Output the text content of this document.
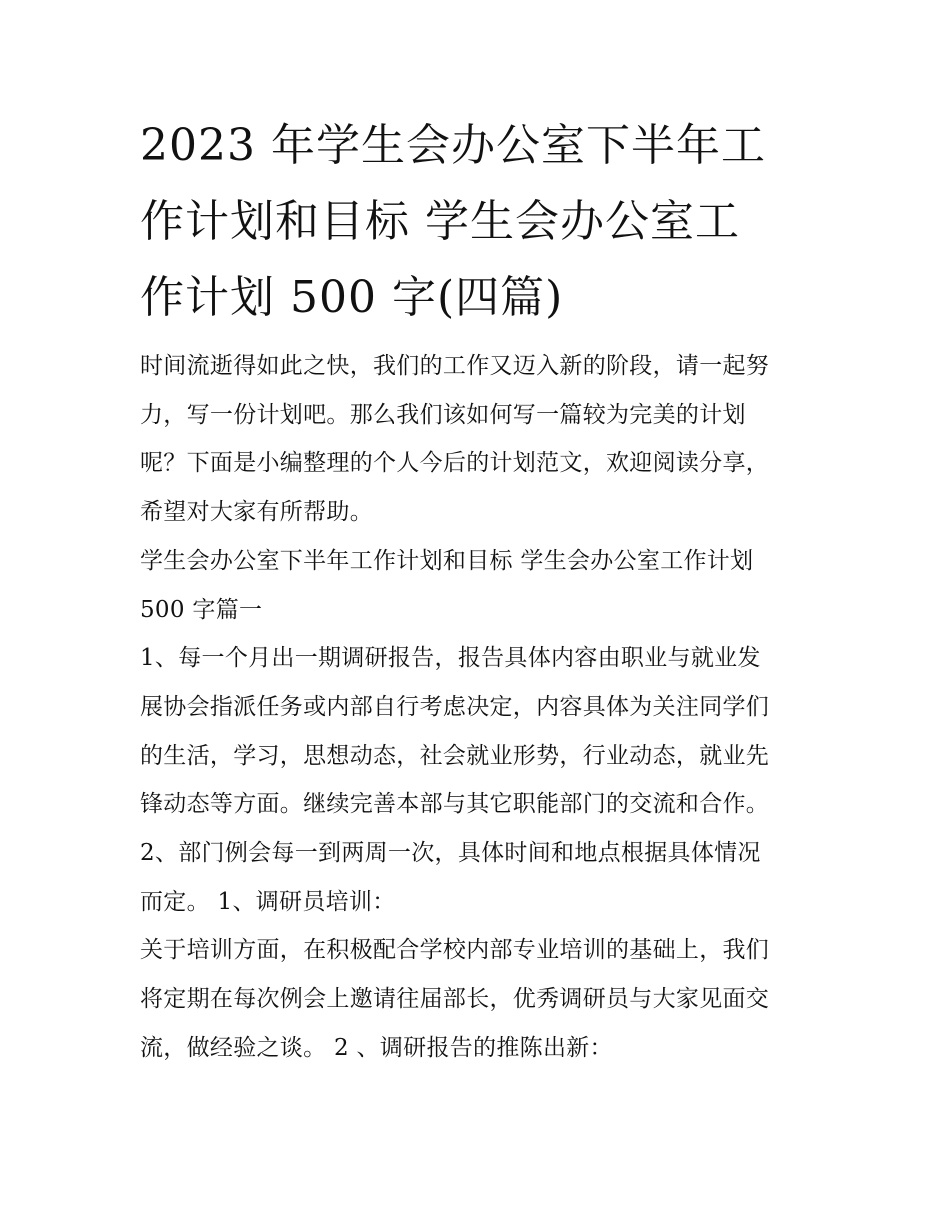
2023 年学生会办公室下半年工
作计划和目标 学生会办公室工
作计划 500 字(四篇)

时间流逝得如此之快，我们的工作又迈入新的阶段，请一起努
力，写一份计划吧。那么我们该如何写一篇较为完美的计划
呢？下面是小编整理的个人今后的计划范文，欢迎阅读分享，
希望对大家有所帮助。

学生会办公室下半年工作计划和目标 学生会办公室工作计划
500 字篇一

1、每一个月出一期调研报告，报告具体内容由职业与就业发
展协会指派任务或内部自行考虑决定，内容具体为关注同学们
的生活，学习，思想动态，社会就业形势，行业动态，就业先
锋动态等方面。继续完善本部与其它职能部门的交流和合作。

2、部门例会每一到两周一次，具体时间和地点根据具体情况
而定。 1、调研员培训：

关于培训方面，在积极配合学校内部专业培训的基础上，我们
将定期在每次例会上邀请往届部长，优秀调研员与大家见面交
流，做经验之谈。 2 、调研报告的推陈出新：
